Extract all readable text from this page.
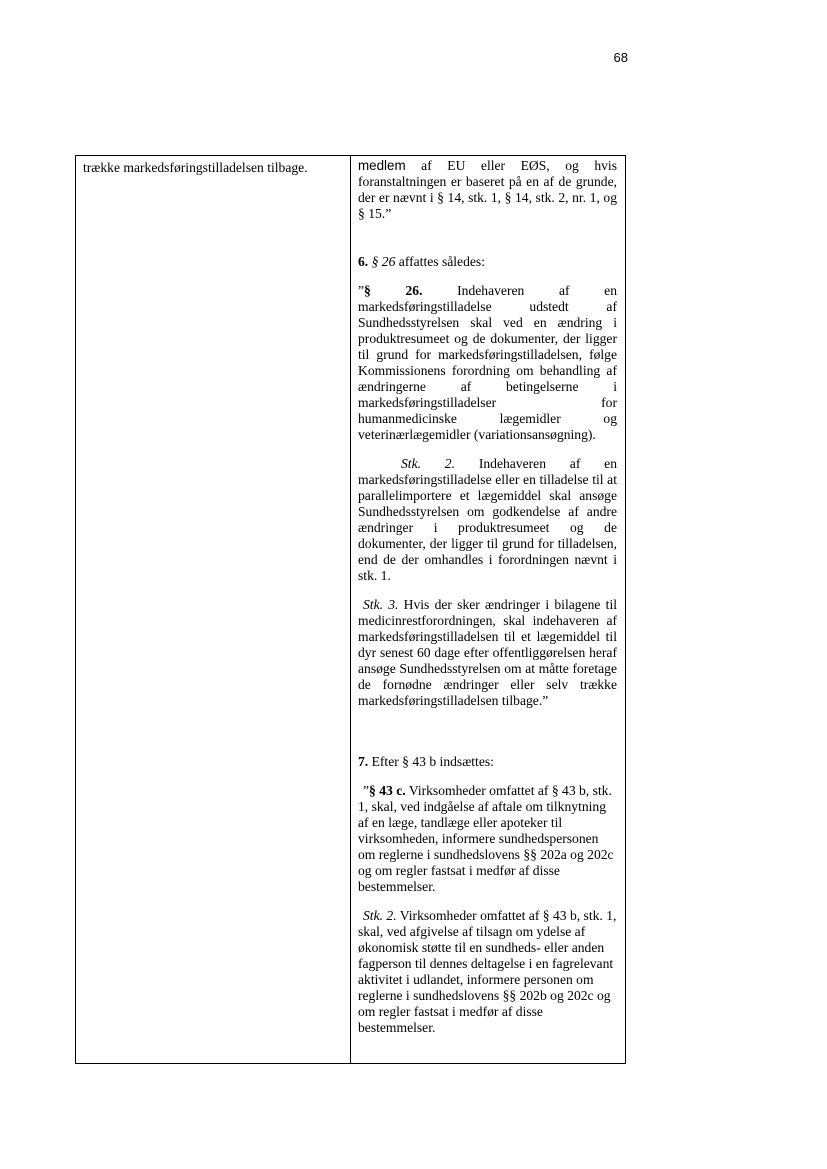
68

trække markedsføringstilladelsen tilbage.	medlem af EU eller EØS, og hvis foranstaltningen er baseret på en af de grunde, der er nævnt i § 14, stk. 1, § 14, stk. 2, nr. 1, og § 15.”

6. § 26 affattes således:

”§ 26. Indehaveren af en markedsføringstilladelse udstedt af Sundhedsstyrelsen skal ved en ændring i produktresumeet og de dokumenter, der ligger til grund for markedsføringstilladelsen, følge Kommissionens forordning om behandling af ændringerne af betingelserne i markedsføringstilladelser for humanmedicinske lægemidler og veterinærlægemidler (variationsansøgning).

Stk. 2. Indehaveren af en markedsføringstilladelse eller en tilladelse til at parallelimportere et lægemiddel skal ansøge Sundhedsstyrelsen om godkendelse af andre ændringer i produktresumeet og de dokumenter, der ligger til grund for tilladelsen, end de der omhandles i forordningen nævnt i stk. 1.

Stk. 3. Hvis der sker ændringer i bilagene til medicinrestforordningen, skal indehaveren af markedsføringstilladelsen til et lægemiddel til dyr senest 60 dage efter offentliggørelsen heraf ansøge Sundhedsstyrelsen om at måtte foretage de fornødne ændringer eller selv trække markedsføringstilladelsen tilbage.”

7. Efter § 43 b indsættes:

”§ 43 c. Virksomheder omfattet af § 43 b, stk. 1, skal, ved indgåelse af aftale om tilknytning af en læge, tandlæge eller apoteker til virksomheden, informere sundhedspersonen om reglerne i sundhedslovens §§ 202a og 202c og om regler fastsat i medfør af disse bestemmelser.

Stk. 2. Virksomheder omfattet af § 43 b, stk. 1, skal, ved afgivelse af tilsagn om ydelse af økonomisk støtte til en sundheds- eller anden fagperson til dennes deltagelse i en fagrelevant aktivitet i udlandet, informere personen om reglerne i sundhedslovens §§ 202b og 202c og om regler fastsat i medfør af disse bestemmelser.
